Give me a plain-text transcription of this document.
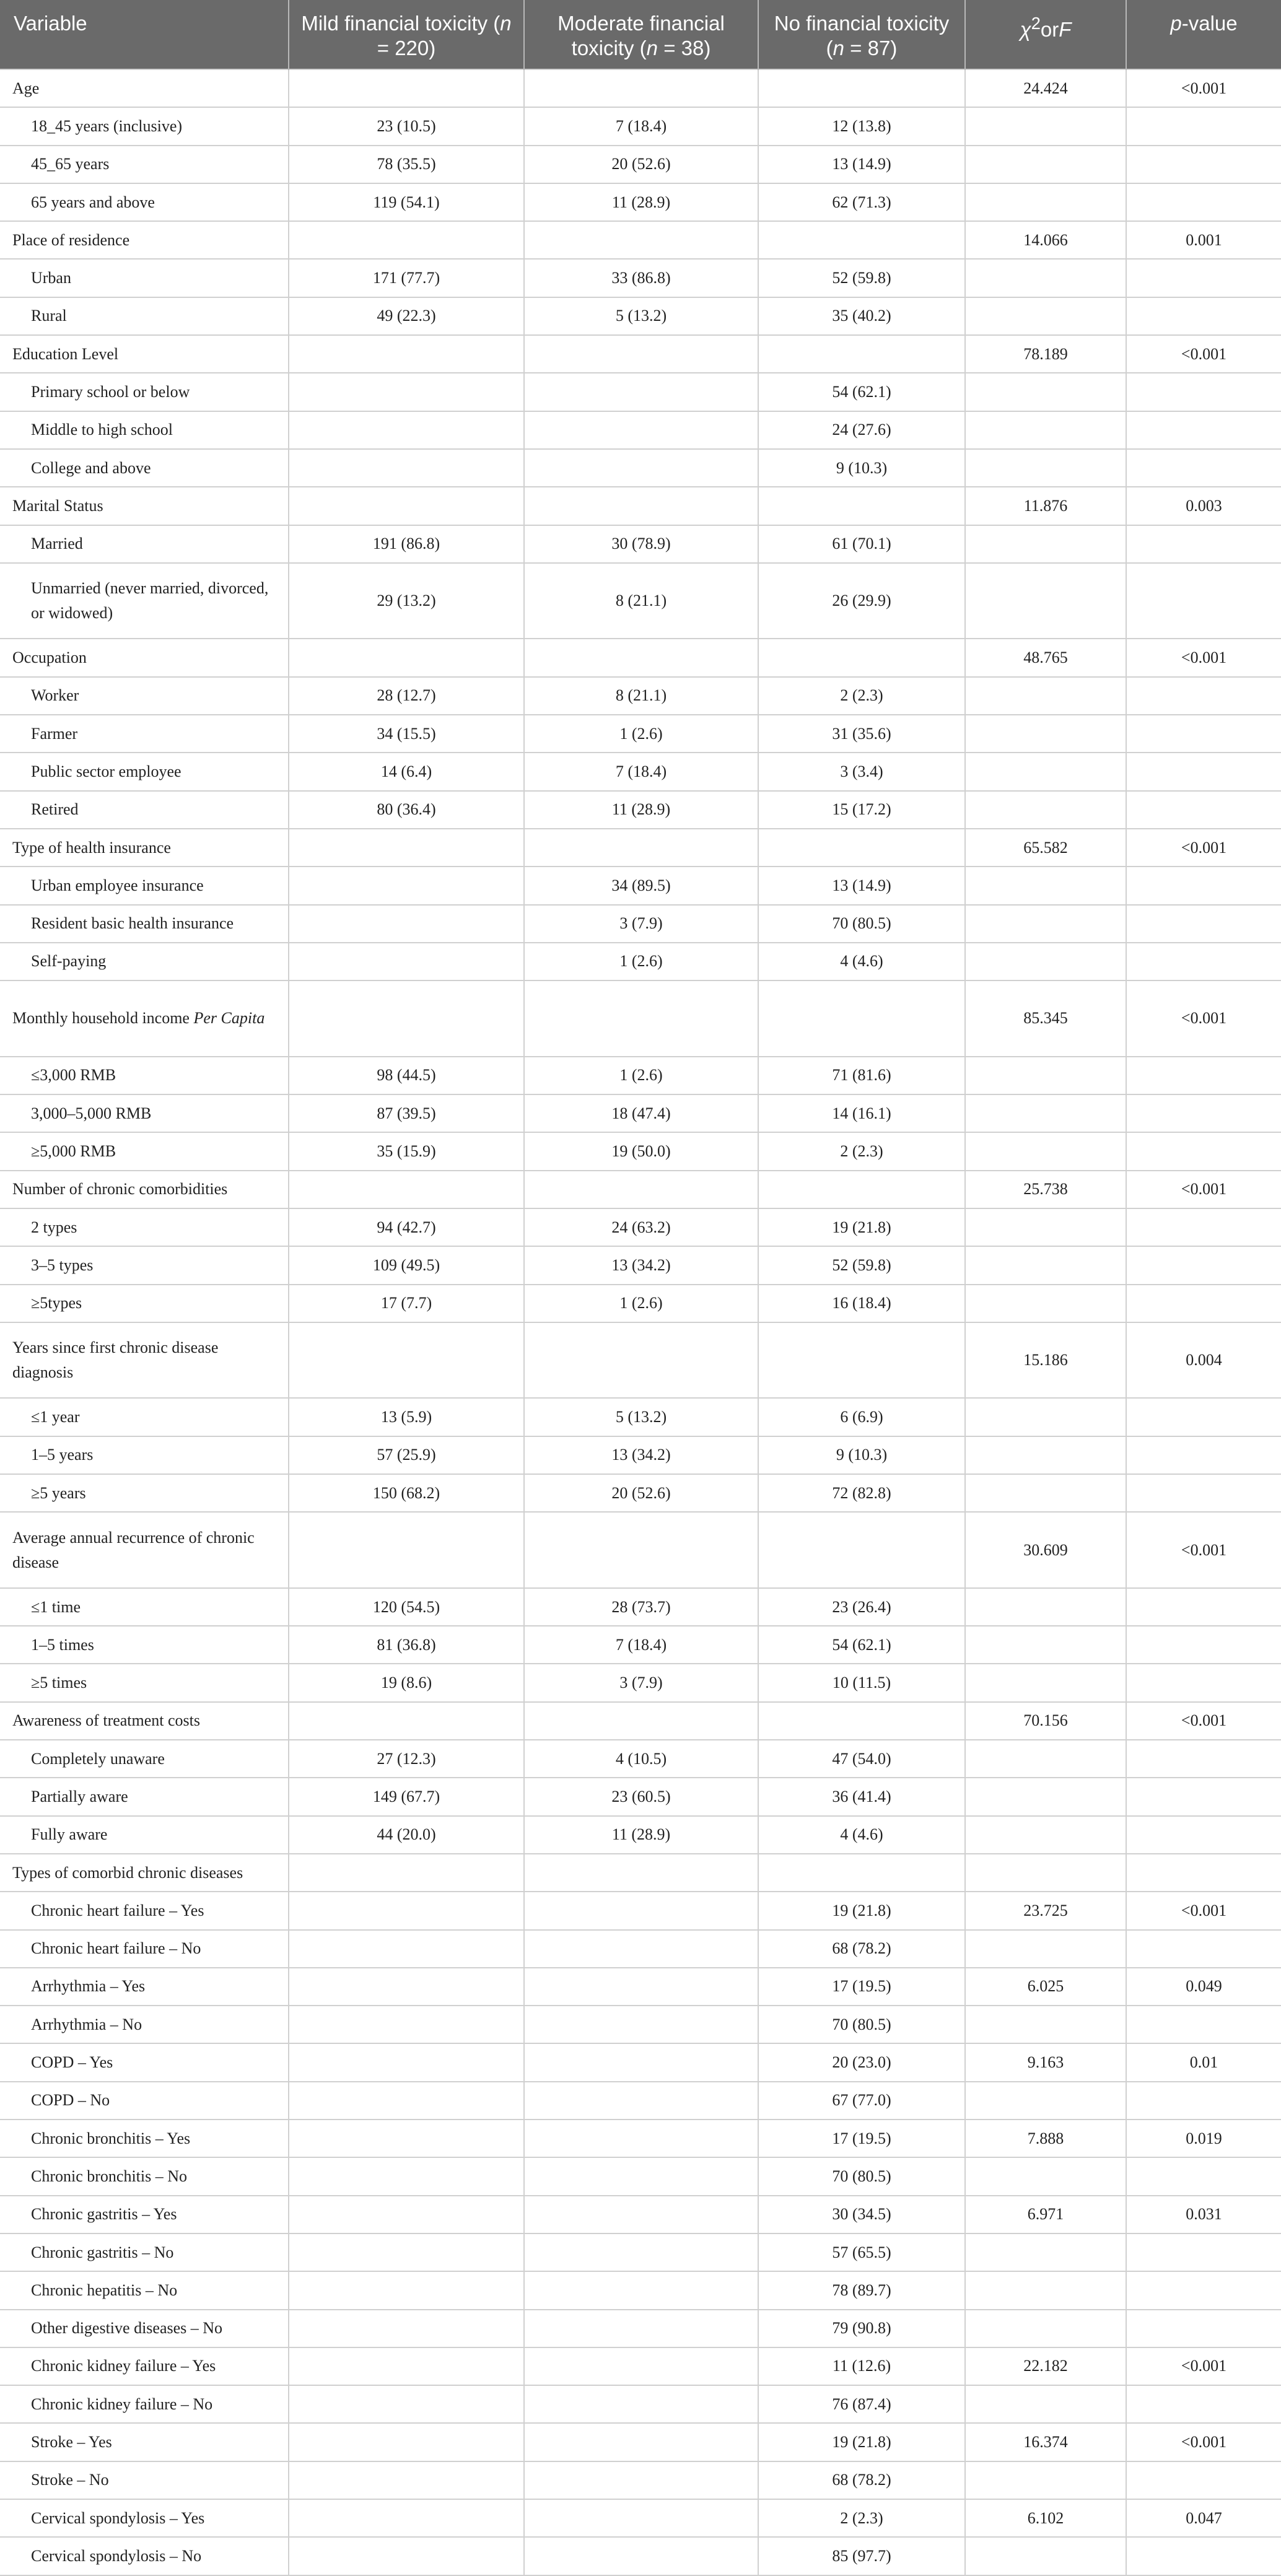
Variable	Mild financial toxicity (n = 220)	Moderate financial toxicity (n = 38)	No financial toxicity (n = 87)	$\chi^2orF$	p-value
Age				24.424	<0.001
18_45 years (inclusive)	23 (10.5)	7 (18.4)	12 (13.8)		
45_65 years	78 (35.5)	20 (52.6)	13 (14.9)		
65 years and above	119 (54.1)	11 (28.9)	62 (71.3)		
Place of residence				14.066	0.001
Urban	171 (77.7)	33 (86.8)	52 (59.8)		
Rural	49 (22.3)	5 (13.2)	35 (40.2)		
Education Level				78.189	<0.001
Primary school or below			54 (62.1)		
Middle to high school			24 (27.6)		
College and above			9 (10.3)		
Marital Status				11.876	0.003
Married	191 (86.8)	30 (78.9)	61 (70.1)		
Unmarried (never married, divorced, or widowed)	29 (13.2)	8 (21.1)	26 (29.9)		
Occupation				48.765	<0.001
Worker	28 (12.7)	8 (21.1)	2 (2.3)		
Farmer	34 (15.5)	1 (2.6)	31 (35.6)		
Public sector employee	14 (6.4)	7 (18.4)	3 (3.4)		
Retired	80 (36.4)	11 (28.9)	15 (17.2)		
Type of health insurance				65.582	<0.001
Urban employee insurance		34 (89.5)	13 (14.9)		
Resident basic health insurance		3 (7.9)	70 (80.5)		
Self-paying		1 (2.6)	4 (4.6)		
Monthly household income Per Capita				85.345	<0.001
≤3,000 RMB	98 (44.5)	1 (2.6)	71 (81.6)		
3,000–5,000 RMB	87 (39.5)	18 (47.4)	14 (16.1)		
≥5,000 RMB	35 (15.9)	19 (50.0)	2 (2.3)		
Number of chronic comorbidities				25.738	<0.001
2 types	94 (42.7)	24 (63.2)	19 (21.8)		
3–5 types	109 (49.5)	13 (34.2)	52 (59.8)		
≥5types	17 (7.7)	1 (2.6)	16 (18.4)		
Years since first chronic disease diagnosis				15.186	0.004
≤1 year	13 (5.9)	5 (13.2)	6 (6.9)		
1–5 years	57 (25.9)	13 (34.2)	9 (10.3)		
≥5 years	150 (68.2)	20 (52.6)	72 (82.8)		
Average annual recurrence of chronic disease				30.609	<0.001
≤1 time	120 (54.5)	28 (73.7)	23 (26.4)		
1–5 times	81 (36.8)	7 (18.4)	54 (62.1)		
≥5 times	19 (8.6)	3 (7.9)	10 (11.5)		
Awareness of treatment costs				70.156	<0.001
Completely unaware	27 (12.3)	4 (10.5)	47 (54.0)		
Partially aware	149 (67.7)	23 (60.5)	36 (41.4)		
Fully aware	44 (20.0)	11 (28.9)	4 (4.6)		
Types of comorbid chronic diseases					
Chronic heart failure – Yes			19 (21.8)	23.725	<0.001
Chronic heart failure – No			68 (78.2)		
Arrhythmia – Yes			17 (19.5)	6.025	0.049
Arrhythmia – No			70 (80.5)		
COPD – Yes			20 (23.0)	9.163	0.01
COPD – No			67 (77.0)		
Chronic bronchitis – Yes			17 (19.5)	7.888	0.019
Chronic bronchitis – No			70 (80.5)		
Chronic gastritis – Yes			30 (34.5)	6.971	0.031
Chronic gastritis – No			57 (65.5)		
Chronic hepatitis – No			78 (89.7)		
Other digestive diseases – No			79 (90.8)		
Chronic kidney failure – Yes			11 (12.6)	22.182	<0.001
Chronic kidney failure – No			76 (87.4)		
Stroke – Yes			19 (21.8)	16.374	<0.001
Stroke – No			68 (78.2)		
Cervical spondylosis – Yes			2 (2.3)	6.102	0.047
Cervical spondylosis – No			85 (97.7)		
